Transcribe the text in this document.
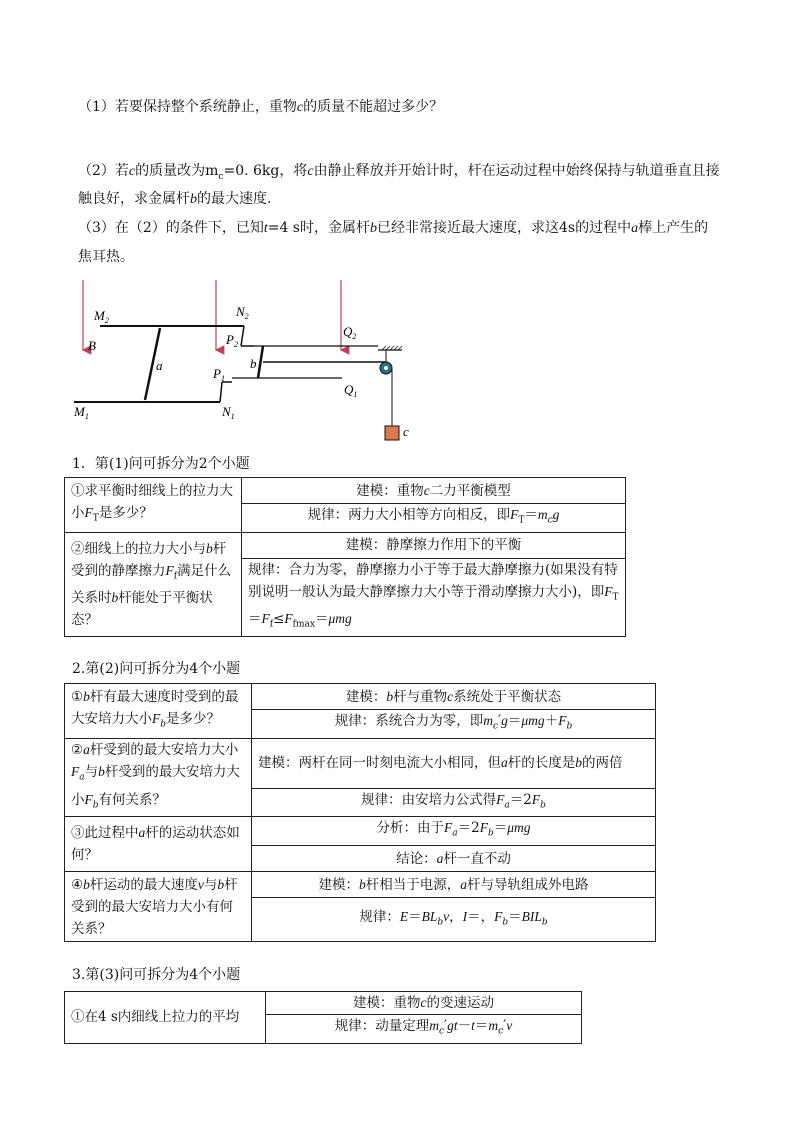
（1）若要保持整个系统静止，重物c的质量不能超过多少？
（2）若c的质量改为$m_c=0$. 6kg，将c由静止释放并开始计时，杆在运动过程中始终保持与轨道垂直且接
触良好，求金属杆b的最大速度.
（3）在（2）的条件下，已知t=4 s时，金属杆b已经非常接近最大速度，求这4s的过程中a棒上产生的
焦耳热。
$M_2$
$N_2$
$Q_2$
B	$P_2$
b
a
$P_1$
$Q_1$
$M_1$	$N_1$
c
1．第(1)问可拆分为2个小题
①求平衡时细线上的拉力大小$F_T$是多少？	建模：重物c二力平衡模型
	规律：两力大小相等方向相反，即$F_T=m_cg$
②细线上的拉力大小与b杆受到的静摩擦力$F_f$满足什么关系时b杆能处于平衡状态？	建模：静摩擦力作用下的平衡
	规律：合力为零，静摩擦力小于等于最大静摩擦力(如果没有特别说明一般认为最大静摩擦力大小等于滑动摩擦力大小)，即$F_T=F_f\le F_{fmax}=\mu mg$
2.第(2)问可拆分为4个小题
①b杆有最大速度时受到的最大安培力大小$F_b$是多少？	建模：b杆与重物c系统处于平衡状态
	规律：系统合力为零，即$m_c'g=\mu mg+F_b$
②a杆受到的最大安培力大小$F_a$与b杆受到的最大安培力大小$F_b$有何关系？	建模：两杆在同一时刻电流大小相同，但a杆的长度是b的两倍
	规律：由安培力公式得$F_a=2F_b$
③此过程中a杆的运动状态如何？	分析：由于$F_a=2F_b=\mu mg$
	结论：a杆一直不动
④b杆运动的最大速度v与b杆受到的最大安培力大小有何关系？	建模：b杆相当于电源，a杆与导轨组成外电路
	规律：$E=BL_bv$，I＝，$F_b=BIL_b$
3.第(3)问可拆分为4个小题
①在4 s内细线上拉力的平均	建模：重物c的变速运动
规律：动量定理$m_c'gt-t=m_c'v$
